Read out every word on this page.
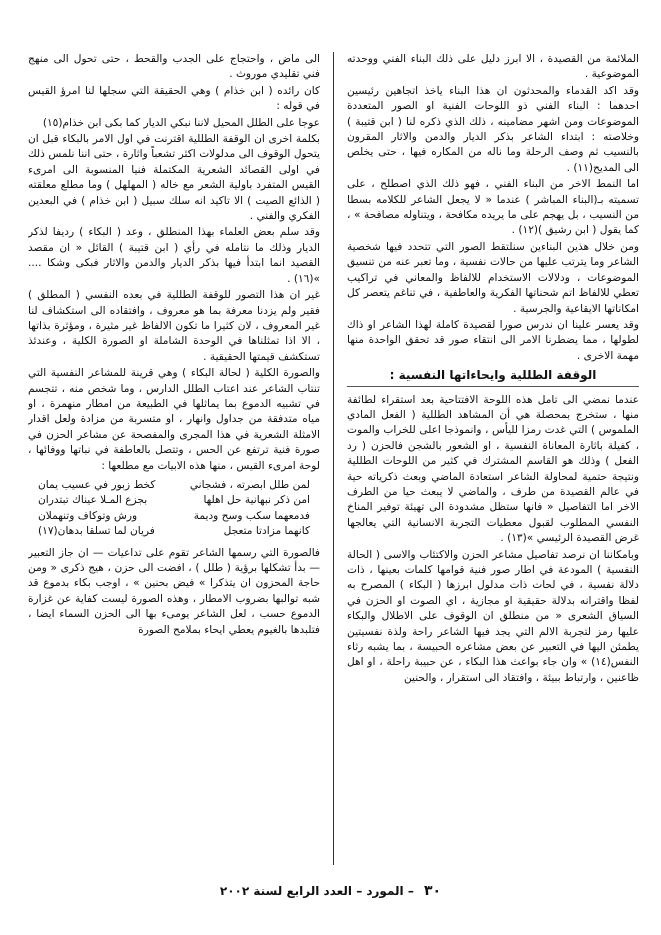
الملائمة من القصيدة ، الا ابرز دليل على ذلك البناء الفني ووحدته الموضوعية .

وقد اكد القدماء والمحدثون ان هذا البناء ياخذ اتجاهين رئيسين احدهما : البناء الفني ذو اللوحات الفنية او الصور المتعددة الموضوعات ومن اشهر مضامينه ، ذلك الذي ذكره لنا ( ابن قتيبة ) وخلاصته : ابتداء الشاعر بذكر الديار والدمن والاثار المقرون بالنسيب ثم وصف الرحلة وما ناله من المكاره فيها ، حتى يخلص الى المديح(١١) .

اما النمط الاخر من البناء الفني ، فهو ذلك الذي اصطلح ، على تسميته بـ(البناء المباشر ) عندما « لا يجعل الشاعر للكلامه بسطا من النسيب ، بل يهجم على ما يريده مكافحة ، ويتناوله مصافحة » ، كما يقول ( ابن رشيق )(١٢) .

ومن خلال هذين البناءين سنلتقط الصور التي تتحدد فيها شخصية الشاعر وما يترتب عليها من حالات نفسية ، وما تعبر عنه من تنسيق الموضوعات ، ودلالات الاستخدام للالفاظ والمعاني في تراكيب تعطي للالفاظ اتم شحناتها الفكرية والعاطفية ، في تناغم يتعصر كل امكاناتها الايقاعية والجرسية .

وقد يعسر علينا ان ندرس صورا لقصيدة كاملة لهذا الشاعر او ذاك لطولها ، مما يضطرنا الامر الى انتقاء صور قد تحقق الواحدة منها مهمة الاخرى .

الوقفة الطللية وايحاءاتها النفسية :

عندما نمضي الى تامل هذه اللوحة الافتتاحية بعد استقراء لطائفة منها ، ستخرج بمحصلة هي أن المشاهد الطللية ( الفعل المادي الملموس ) التي غدت رمزا لليأس ، وانموذجا اعلى للخراب والموت ، كفيلة باثارة المعاناة النفسية ، او الشعور بالشجن فالحزن ( رد الفعل ) وذلك هو القاسم المشترك في كثير من اللوحات الطللية ونتيجة حتمية لمحاولة الشاعر استعادة الماضي وبعث ذكرياته حية في عالم القصيدة من طرف ، والماضي لا يبعث حيا من الطرف الاخر اما التفاصيل « فانها ستظل مشدودة الى تهيئة توفير المناخ النفسي المطلوب لقبول معطيات التجربة الانسانية التي يعالجها غرض القصيدة الرئيسي »(١٣) .

وبامكاننا ان نرصد تفاصيل مشاعر الحزن والاكتئاب والاسى ( الحالة النفسية ) المودعة في اطار صور فنية قوامها كلمات بعينها ، ذات دلالة نفسية ، في لحات ذات مدلول ابرزها ( البكاء ) المصرح به لفظا واقترانه بدلالة حقيقية او مجازية ، اي الصوت او الحزن في السياق الشعرى « من منطلق ان الوقوف على الاطلال والبكاء عليها رمز لتجربة الالم التي يجد فيها الشاعر راحة ولذة نفسيتين يطمئن اليها في التعبير عن بعض مشاعره الحبيسة ، بما يشبه رثاء النفس(١٤) » وان جاء بواعث هذا البكاء ، عن حبيبة راحلة ، او اهل ظاعنين ، وارتباط ببيئة ، وافتقاد الى استقرار ، والحنين

الى ماض ، واحتجاج على الجدب والقحط ، حتى تحول الى منهج فني تقليدي موروث .

كان رائده ( ابن خذام ) وهي الحقيقة التي سجلها لنا امرؤ القيس في قوله :

عوجا على الطلل المحيل لاننا نبكي الديار كما بكى ابن خذام(١٥)

بكلمة اخرى ان الوقفة الطللية اقترنت في اول الامر بالبكاء قبل ان يتحول الوقوف الى مدلولات اكثر تشعباً واثارة ، حتى اننا نلمس ذلك في اولى القصائد الشعرية المكتملة فنيا المنسوبة الى امرىء القيس المتفرد باولية الشعر مع خاله ( المهلهل ) وما مطلع معلقته ( الذائع الصيت ) الا تاكيد انه سلك سبيل ( ابن خذام ) في البعدين الفكري والفني .

وقد سلم بعض العلماء بهذا المنطلق ، وعد ( البكاء ) رديفا لذكر الديار وذلك ما نتامله في رأي ( ابن قتيبة ) القائل « ان مقصد القصيد انما ابتدأ فيها بذكر الديار والدمن والاثار فبكى وشكا .... »(١٦) .

غير ان هذا التصور للوقفة الطللية في بعده النفسي ( المطلق ) فقير ولم يزدنا معرفة بما هو معروف ، وافتقاده الى استكشاف لنا غير المعروف ، لان كثيرا ما تكون الالفاظ غير مثيرة ، ومؤثرة بذاتها ، الا اذا تمثلناها في الوحدة الشاملة او الصورة الكلية ، وعندئذ تستكشف قيمتها الحقيقية .

والصورة الكلية ( لحالة البكاء ) وهي قرينة للمشاعر النفسية التي تنتاب الشاعر عند اعتاب الطلل الدارس ، وما شخص منه ، تتجسم في تشبيه الدموع بما يماثلها في الطبيعة من امطار منهمرة ، او مياه متدفقة من جداول وانهار ، او متسربة من مزادة ولعل اقدار الامثلة الشعرية في هذا المجرى والمفصحة عن مشاعر الحزن في صورة فنية ترتفع عن الحس ، وتتصل بالعاطفة في نباتها ووفائها ، لوحة امرىء القيس ، منها هذه الابيات مع مطلعها :

لمن طلل ابصرته ، فشجاني
كخط زبور في عسيب يمان
امن ذكر نبهانية حل اهلها
بجزع المـلا عيناك تبتدران
فدمعهما سكب وسح وديمة
ورش وتوكاف وتنهملان
كانهما مزادتا متعجل
فريان لما تسلقا بدهان(١٧)

فالصورة التي رسمها الشاعر تقوم على تداعيات — ان جاز التعبير — بدأ تشكلها برؤية ( طلل ) ، افضت الى حزن ، هيج ذكرى « ومن حاجة المحزون ان يتذكرا » فيض بحنين » ، اوجب بكاء بدموع قد شبه توالبها بضروب الامطار ، وهذه الصورة ليست كفاية عن غزارة الدموع حسب ، لعل الشاعر يومىء بها الى الحزن السماء ايضا ، فتلبدها بالغيوم يعطي ايحاء بملامح الصورة

٣٠ – المورد – العدد الرابع لسنة ٢٠٠٢
